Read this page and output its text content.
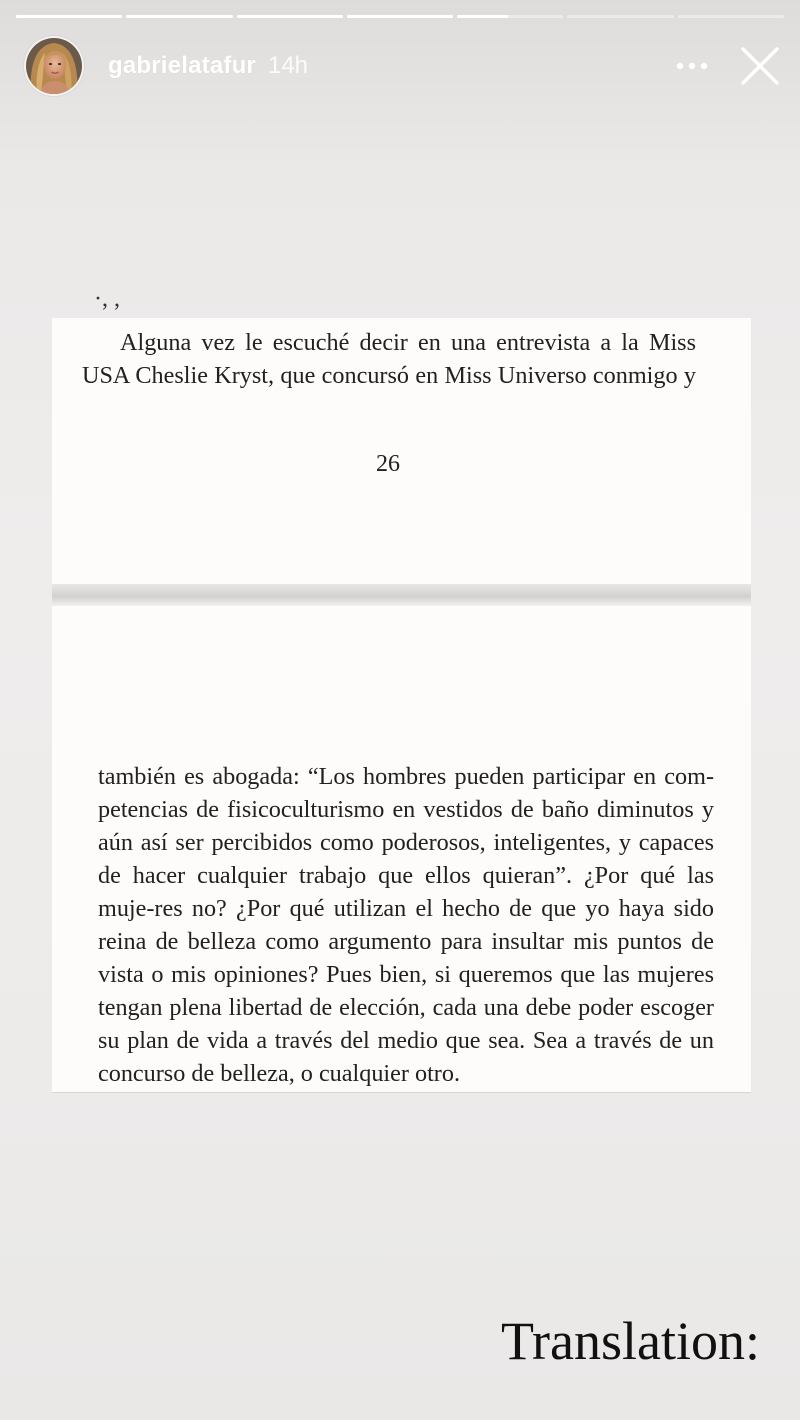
gabrielatafur 14h
·, ,
Alguna vez le escuché decir en una entrevista a la Miss
USA Cheslie Kryst, que concursó en Miss Universo conmigo y
26
también es abogada: “Los hombres pueden participar en com-petencias de fisicoculturismo en vestidos de baño diminutos y aún así ser percibidos como poderosos, inteligentes, y capaces de hacer cualquier trabajo que ellos quieran”. ¿Por qué las muje-res no? ¿Por qué utilizan el hecho de que yo haya sido reina de belleza como argumento para insultar mis puntos de vista o mis opiniones? Pues bien, si queremos que las mujeres tengan plena libertad de elección, cada una debe poder escoger su plan de vida a través del medio que sea. Sea a través de un concurso de belleza, o cualquier otro.
Translation:
